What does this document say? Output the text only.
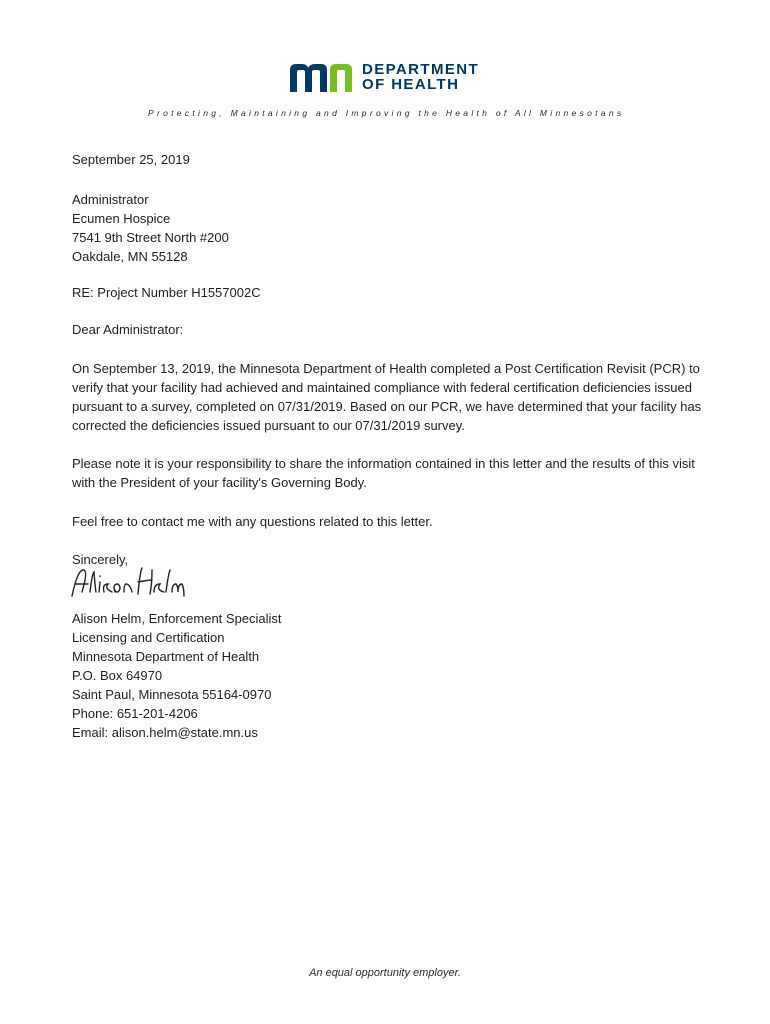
DEPARTMENT
OF HEALTH
Protecting, Maintaining and Improving the Health of All Minnesotans

September 25, 2019

Administrator
Ecumen Hospice
7541 9th Street North #200
Oakdale, MN 55128

RE: Project Number H1557002C

Dear Administrator:

On September 13, 2019, the Minnesota Department of Health completed a Post Certification Revisit (PCR) to verify that your facility had achieved and maintained compliance with federal certification deficiencies issued pursuant to a survey, completed on 07/31/2019. Based on our PCR, we have determined that your facility has corrected the deficiencies issued pursuant to our 07/31/2019 survey.

Please note it is your responsibility to share the information contained in this letter and the results of this visit with the President of your facility's Governing Body.

Feel free to contact me with any questions related to this letter.

Sincerely,

Alison Helm, Enforcement Specialist
Licensing and Certification
Minnesota Department of Health
P.O. Box 64970
Saint Paul, Minnesota 55164-0970
Phone: 651-201-4206
Email: alison.helm@state.mn.us
An equal opportunity employer.
